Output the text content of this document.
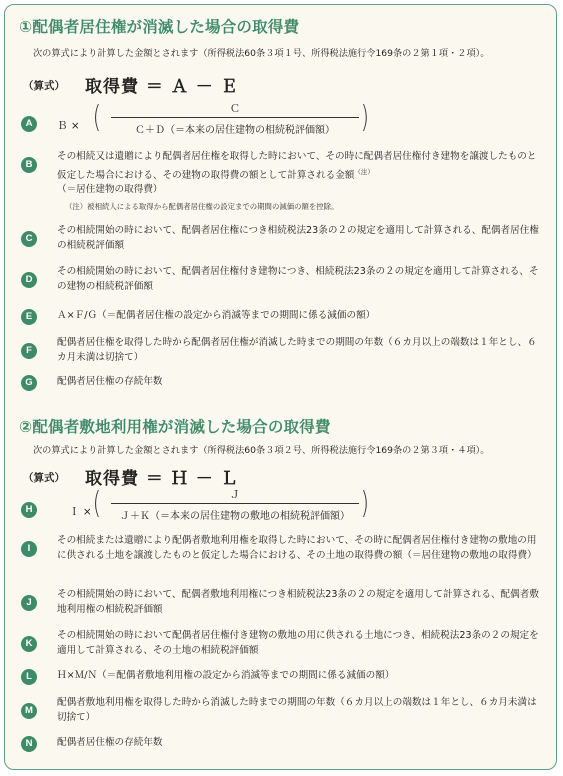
①配偶者居住権が消滅した場合の取得費
次の算式により計算した金額とされます（所得税法60条３項１号、所得税法施行令169条の２第１項・２項）。
（算式） 取得費 ＝ Ａ － Ｅ
A	Ｂ × (	Ｃ
Ｃ＋Ｄ（＝本来の居住建物の相続税評価額） )
B
その相続又は遺贈により配偶者居住権を取得した時において、その時に配偶者居住権付き建物を譲渡したものと仮定した場合における、その建物の取得費の額として計算される金額$^{(注)}$
（＝居住建物の取得費）
（注）被相続人による取得から配偶者居住権の設定までの期間の減価の額を控除。
C
その相続開始の時において、配偶者居住権につき相続税法23条の２の規定を適用して計算される、配偶者居住権の相続税評価額
D
その相続開始の時において、配偶者居住権付き建物につき、相続税法23条の２の規定を適用して計算される、その建物の相続税評価額
E	Ａ×Ｆ/Ｇ（＝配偶者居住権の設定から消滅等までの期間に係る減価の額）
F
配偶者居住権を取得した時から配偶者居住権が消滅した時までの期間の年数（６カ月以上の端数は１年とし、６カ月未満は切捨て）
G	配偶者居住権の存続年数
②配偶者敷地利用権が消滅した場合の取得費
次の算式により計算した金額とされます（所得税法60条３項２号、所得税法施行令169条の２第３項・４項）。
（算式） 取得費 ＝ Ｈ － Ｌ
H	Ｉ × (	Ｊ
Ｊ＋Ｋ（＝本来の居住建物の敷地の相続税評価額） )
I
その相続または遺贈により配偶者敷地利用権を取得した時において、その時に配偶者居住権付き建物の敷地の用に供される土地を譲渡したものと仮定した場合における、その土地の取得費の額（＝居住建物の敷地の取得費）
J
その相続開始の時において、配偶者敷地利用権につき相続税法23条の２の規定を適用して計算される、配偶者敷地利用権の相続税評価額
K
その相続開始の時において配偶者居住権付き建物の敷地の用に供される土地につき、相続税法23条の２の規定を適用して計算される、その土地の相続税評価額
L	Ｈ×Ｍ/Ｎ（＝配偶者敷地利用権の設定から消滅等までの期間に係る減価の額）
M
配偶者敷地利用権を取得した時から消滅した時までの期間の年数（６カ月以上の端数は１年とし、６カ月未満は切捨て）
N	配偶者居住権の存続年数
